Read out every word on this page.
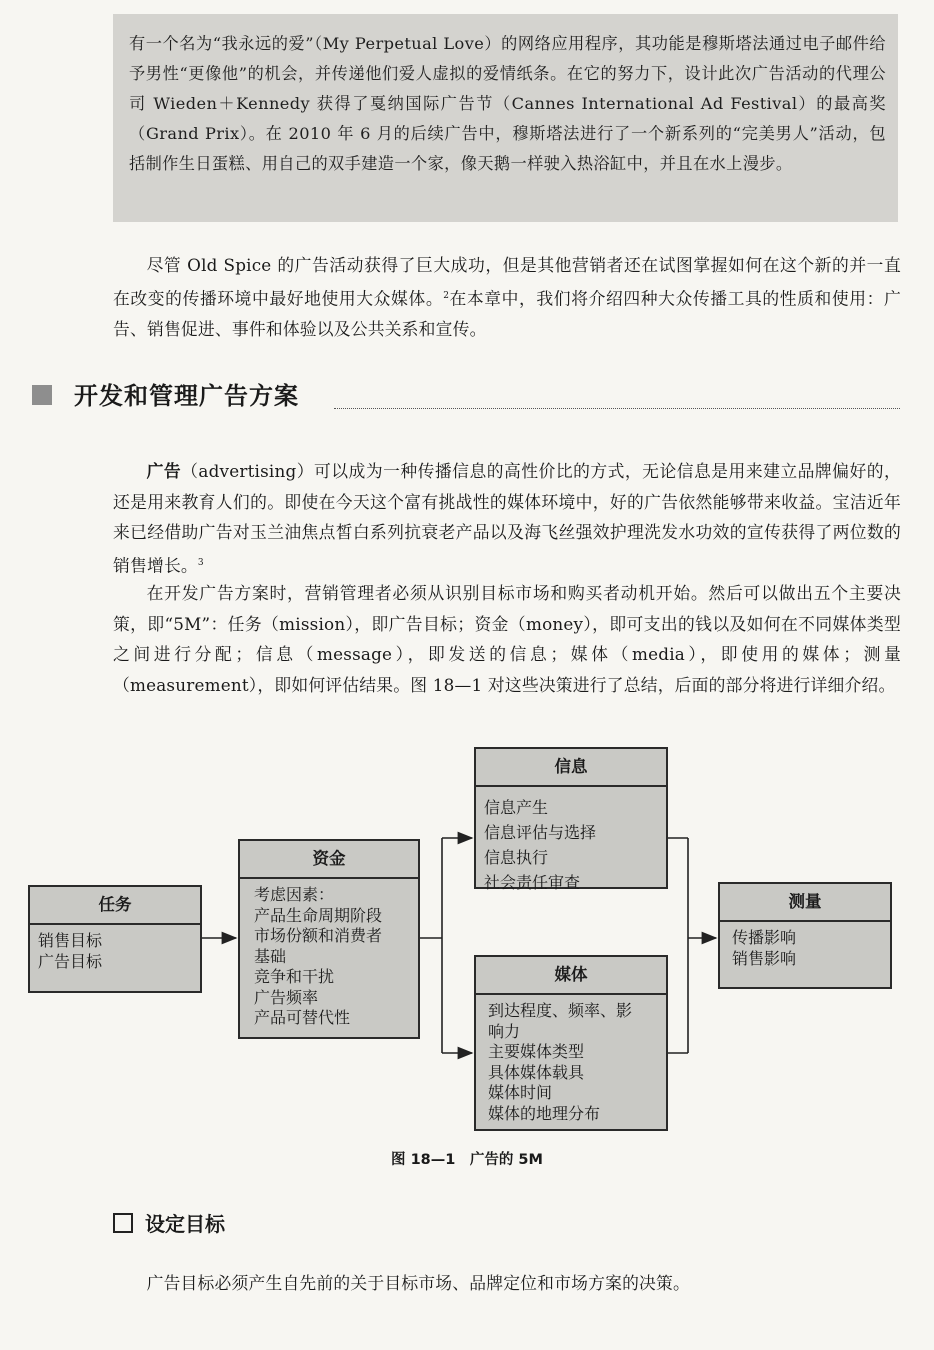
有一个名为“我永远的爱”（My Perpetual Love）的网络应用程序，其功能是穆斯塔法通过电子邮件给予男性“更像他”的机会，并传递他们爱人虚拟的爱情纸条。在它的努力下，设计此次广告活动的代理公司 Wieden＋Kennedy 获得了戛纳国际广告节（Cannes International Ad Festival）的最高奖（Grand Prix）。在 2010 年 6 月的后续广告中，穆斯塔法进行了一个新系列的“完美男人”活动，包括制作生日蛋糕、用自己的双手建造一个家，像天鹅一样驶入热浴缸中，并且在水上漫步。

尽管 Old Spice 的广告活动获得了巨大成功，但是其他营销者还在试图掌握如何在这个新的并一直在改变的传播环境中最好地使用大众媒体。$^2$在本章中，我们将介绍四种大众传播工具的性质和使用：广告、销售促进、事件和体验以及公共关系和宣传。

开发和管理广告方案

广告（advertising）可以成为一种传播信息的高性价比的方式，无论信息是用来建立品牌偏好的，还是用来教育人们的。即使在今天这个富有挑战性的媒体环境中，好的广告依然能够带来收益。宝洁近年来已经借助广告对玉兰油焦点皙白系列抗衰老产品以及海飞丝强效护理洗发水功效的宣传获得了两位数的销售增长。$^3$

在开发广告方案时，营销管理者必须从识别目标市场和购买者动机开始。然后可以做出五个主要决策，即“5M”：任务（mission），即广告目标；资金（money），即可支出的钱以及如何在不同媒体类型之间进行分配；信息（message），即发送的信息；媒体（media），即使用的媒体；测量（measurement），即如何评估结果。图 18—1 对这些决策进行了总结，后面的部分将进行详细介绍。

任务
销售目标
广告目标
资金
考虑因素：
产品生命周期阶段
市场份额和消费者
基础
竞争和干扰
广告频率
产品可替代性
信息
信息产生
信息评估与选择
信息执行
社会责任审查
媒体
到达程度、频率、影
响力
主要媒体类型
具体媒体载具
媒体时间
媒体的地理分布
测量
传播影响
销售影响
图 18—1　广告的 5M
设定目标

广告目标必须产生自先前的关于目标市场、品牌定位和市场方案的决策。
